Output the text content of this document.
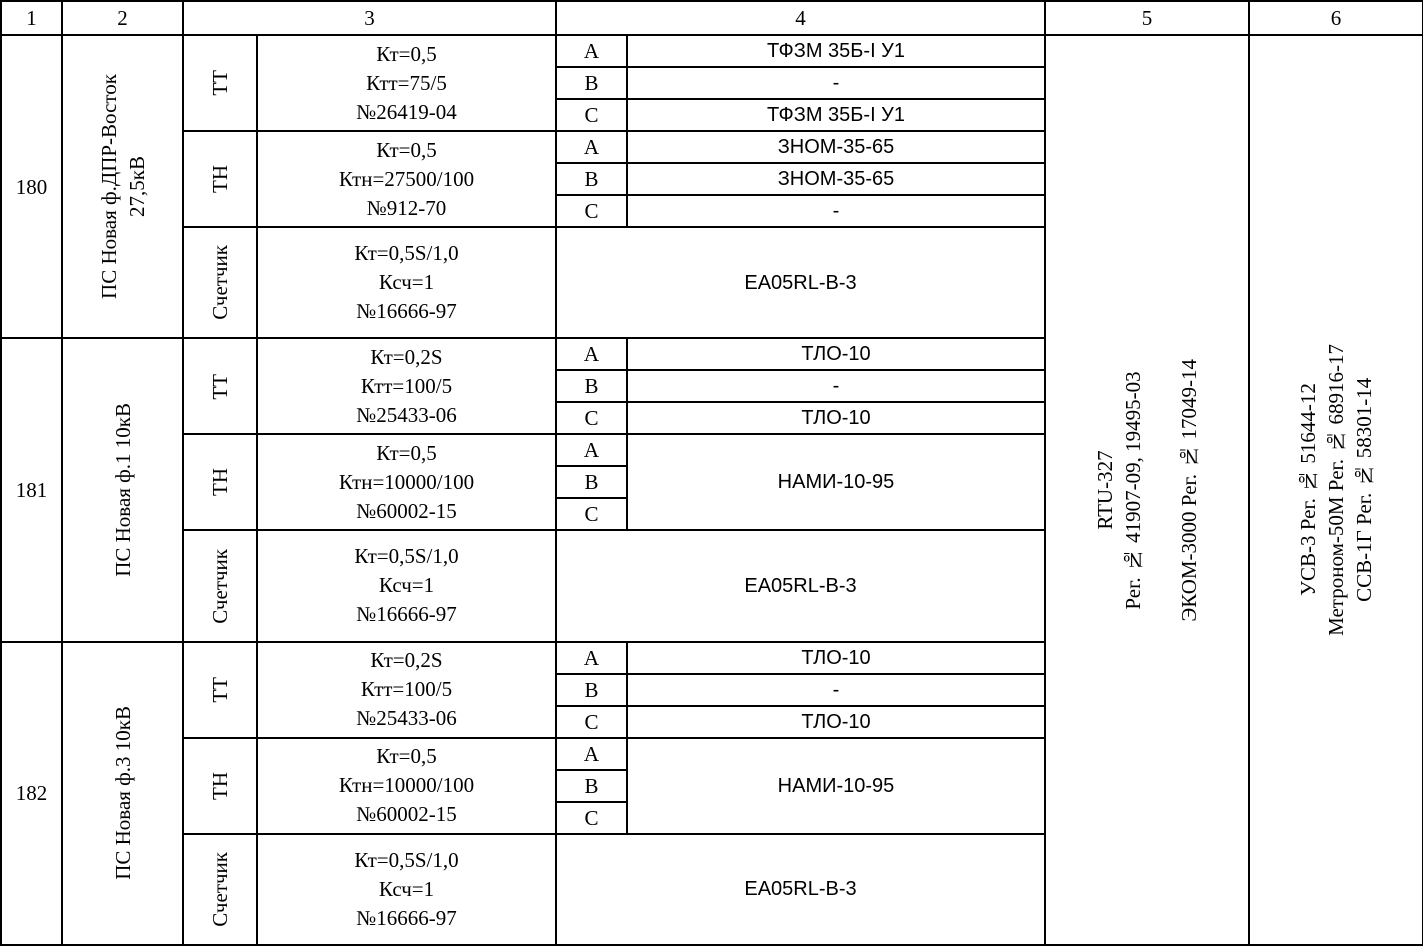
1	2	3		4		5	6
180	ПС Новая ф.ДПР-Восток 27,5кВ	ТТ	Кт=0,5
Ктт=75/5
№26419-04	А	ТФЗМ 35Б-I У1	RTU-327 Рег. № 41907-09, 19495-03 ЭКОМ-3000 Рег. № 17049-14	УСВ-3 Рег. № 51644-12 Метроном-50М Рег. № 68916-17 ССВ-1Г Рег. № 58301-14

				В	-		
				С	ТФЗМ 35Б-I У1		

		ТН	Кт=0,5
Ктн=27500/100
№912-70	А	ЗНОМ-35-65		
				В	ЗНОМ-35-65		
				С	-		

		Счетчик	Кт=0,5S/1,0
Ксч=1
№16666-97	EA05RL-B-3			

181	ПС Новая ф.1 10кВ	ТТ	Кт=0,2S
Ктт=100/5
№25433-06	А	ТЛО-10		
				В	-		
				С	ТЛО-10		

		ТН	Кт=0,5
Ктн=10000/100
№60002-15	А	НАМИ-10-95		
				В			
				С			

		Счетчик	Кт=0,5S/1,0
Ксч=1
№16666-97	EA05RL-B-3			

182	ПС Новая ф.3 10кВ	ТТ	Кт=0,2S
Ктт=100/5
№25433-06	А	ТЛО-10		
				В	-		
				С	ТЛО-10		

		ТН	Кт=0,5
Ктн=10000/100
№60002-15	А	НАМИ-10-95		
				В			
				С			

		Счетчик	Кт=0,5S/1,0
Ксч=1
№16666-97	EA05RL-B-3			
